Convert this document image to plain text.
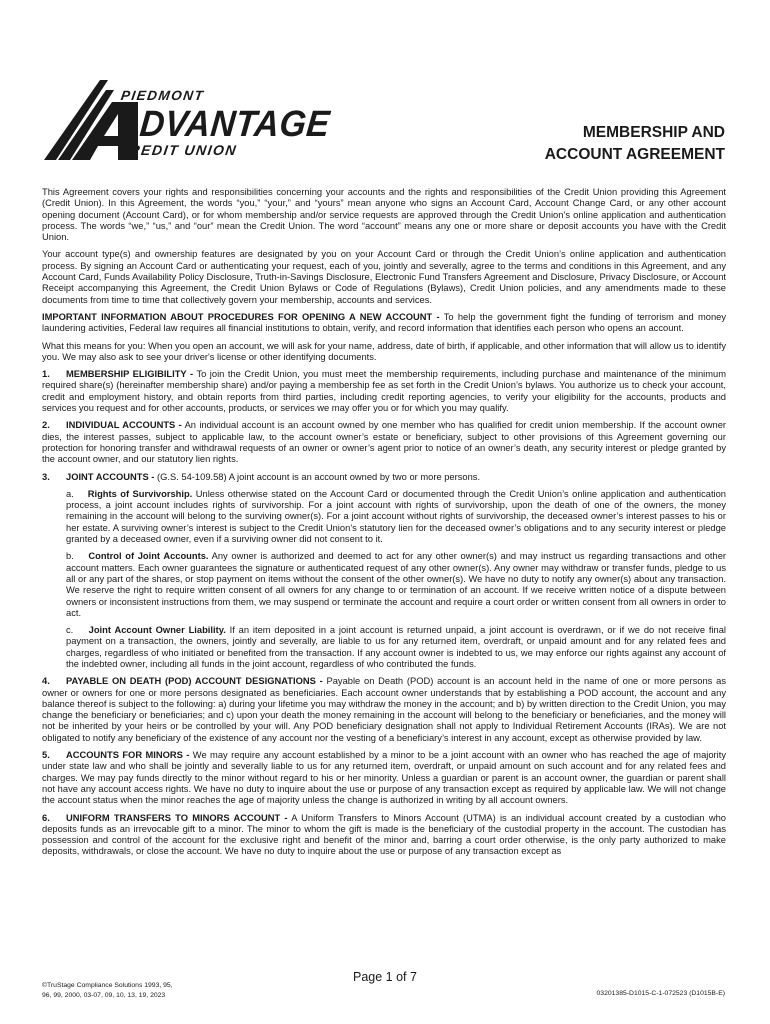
PIEDMONT
DVANTAGE
CREDIT UNION
MEMBERSHIP AND
ACCOUNT AGREEMENT

This Agreement covers your rights and responsibilities concerning your accounts and the rights and responsibilities of the Credit Union providing this Agreement (Credit Union). In this Agreement, the words “you,” “your,” and “yours” mean anyone who signs an Account Card, Account Change Card, or any other account opening document (Account Card), or for whom membership and/or service requests are approved through the Credit Union’s online application and authentication process. The words “we,” “us,” and “our” mean the Credit Union. The word “account” means any one or more share or deposit accounts you have with the Credit Union.

Your account type(s) and ownership features are designated by you on your Account Card or through the Credit Union’s online application and authentication process. By signing an Account Card or authenticating your request, each of you, jointly and severally, agree to the terms and conditions in this Agreement, and any Account Card, Funds Availability Policy Disclosure, Truth-in-Savings Disclosure, Electronic Fund Transfers Agreement and Disclosure, Privacy Disclosure, or Account Receipt accompanying this Agreement, the Credit Union Bylaws or Code of Regulations (Bylaws), Credit Union policies, and any amendments made to these documents from time to time that collectively govern your membership, accounts and services.

IMPORTANT INFORMATION ABOUT PROCEDURES FOR OPENING A NEW ACCOUNT - To help the government fight the funding of terrorism and money laundering activities, Federal law requires all financial institutions to obtain, verify, and record information that identifies each person who opens an account.

What this means for you: When you open an account, we will ask for your name, address, date of birth, if applicable, and other information that will allow us to identify you. We may also ask to see your driver's license or other identifying documents.

1. MEMBERSHIP ELIGIBILITY - To join the Credit Union, you must meet the membership requirements, including purchase and maintenance of the minimum required share(s) (hereinafter membership share) and/or paying a membership fee as set forth in the Credit Union’s bylaws. You authorize us to check your account, credit and employment history, and obtain reports from third parties, including credit reporting agencies, to verify your eligibility for the accounts, products and services you request and for other accounts, products, or services we may offer you or for which you may qualify.

2. INDIVIDUAL ACCOUNTS - An individual account is an account owned by one member who has qualified for credit union membership. If the account owner dies, the interest passes, subject to applicable law, to the account owner’s estate or beneficiary, subject to other provisions of this Agreement governing our protection for honoring transfer and withdrawal requests of an owner or owner’s agent prior to notice of an owner’s death, any security interest or pledge granted by the account owner, and our statutory lien rights.

3. JOINT ACCOUNTS - (G.S. 54-109.58) A joint account is an account owned by two or more persons.

a. Rights of Survivorship. Unless otherwise stated on the Account Card or documented through the Credit Union’s online application and authentication process, a joint account includes rights of survivorship. For a joint account with rights of survivorship, upon the death of one of the owners, the money remaining in the account will belong to the surviving owner(s). For a joint account without rights of survivorship, the deceased owner’s interest passes to his or her estate. A surviving owner’s interest is subject to the Credit Union’s statutory lien for the deceased owner’s obligations and to any security interest or pledge granted by a deceased owner, even if a surviving owner did not consent to it.

b. Control of Joint Accounts. Any owner is authorized and deemed to act for any other owner(s) and may instruct us regarding transactions and other account matters. Each owner guarantees the signature or authenticated request of any other owner(s). Any owner may withdraw or transfer funds, pledge to us all or any part of the shares, or stop payment on items without the consent of the other owner(s). We have no duty to notify any owner(s) about any transaction. We reserve the right to require written consent of all owners for any change to or termination of an account. If we receive written notice of a dispute between owners or inconsistent instructions from them, we may suspend or terminate the account and require a court order or written consent from all owners in order to act.

c. Joint Account Owner Liability. If an item deposited in a joint account is returned unpaid, a joint account is overdrawn, or if we do not receive final payment on a transaction, the owners, jointly and severally, are liable to us for any returned item, overdraft, or unpaid amount and for any related fees and charges, regardless of who initiated or benefited from the transaction. If any account owner is indebted to us, we may enforce our rights against any account of the indebted owner, including all funds in the joint account, regardless of who contributed the funds.

4. PAYABLE ON DEATH (POD) ACCOUNT DESIGNATIONS - Payable on Death (POD) account is an account held in the name of one or more persons as owner or owners for one or more persons designated as beneficiaries. Each account owner understands that by establishing a POD account, the account and any balance thereof is subject to the following: a) during your lifetime you may withdraw the money in the account; and b) by written direction to the Credit Union, you may change the beneficiary or beneficiaries; and c) upon your death the money remaining in the account will belong to the beneficiary or beneficiaries, and the money will not be inherited by your heirs or be controlled by your will. Any POD beneficiary designation shall not apply to Individual Retirement Accounts (IRAs). We are not obligated to notify any beneficiary of the existence of any account nor the vesting of a beneficiary’s interest in any account, except as otherwise provided by law.

5. ACCOUNTS FOR MINORS - We may require any account established by a minor to be a joint account with an owner who has reached the age of majority under state law and who shall be jointly and severally liable to us for any returned item, overdraft, or unpaid amount on such account and for any related fees and charges. We may pay funds directly to the minor without regard to his or her minority. Unless a guardian or parent is an account owner, the guardian or parent shall not have any account access rights. We have no duty to inquire about the use or purpose of any transaction except as required by applicable law. We will not change the account status when the minor reaches the age of majority unless the change is authorized in writing by all account owners.

6. UNIFORM TRANSFERS TO MINORS ACCOUNT - A Uniform Transfers to Minors Account (UTMA) is an individual account created by a custodian who deposits funds as an irrevocable gift to a minor. The minor to whom the gift is made is the beneficiary of the custodial property in the account. The custodian has possession and control of the account for the exclusive right and benefit of the minor and, barring a court order otherwise, is the only party authorized to make deposits, withdrawals, or close the account. We have no duty to inquire about the use or purpose of any transaction except as

©TruStage Compliance Solutions 1993, 95,
96, 99, 2000, 03-07, 09, 10, 13, 19, 2023
Page 1 of 7
03201385-D1015-C-1-072523 (D1015B-E)
